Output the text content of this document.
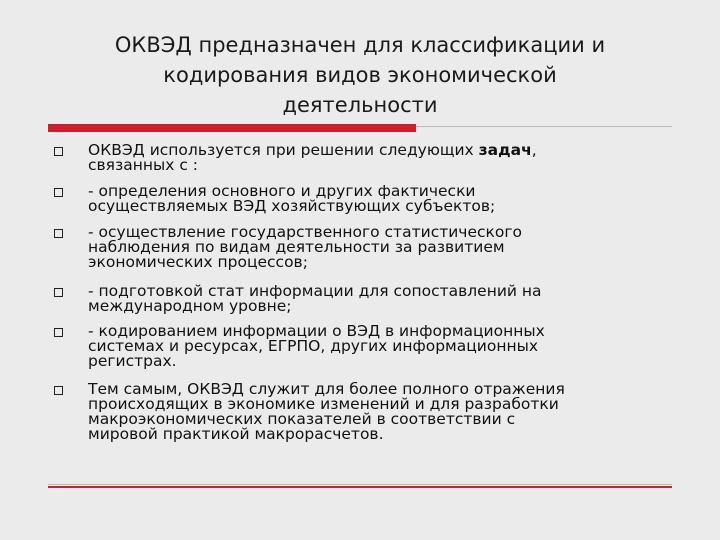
ОКВЭД предназначен для классификации и
кодирования видов экономической
деятельности
ОКВЭД используется при решении следующих задач,
связанных с :
- определения основного и других фактически
осуществляемых ВЭД хозяйствующих субъектов;
- осуществление государственного статистического
наблюдения по видам деятельности за развитием
экономических процессов;
- подготовкой стат информации для сопоставлений на
международном уровне;
- кодированием информации о ВЭД в информационных
системах и ресурсах, ЕГРПО, других информационных
регистрах.
Тем самым, ОКВЭД служит для более полного отражения
происходящих в экономике изменений и для разработки
макроэкономических показателей в соответствии с
мировой практикой макрорасчетов.
